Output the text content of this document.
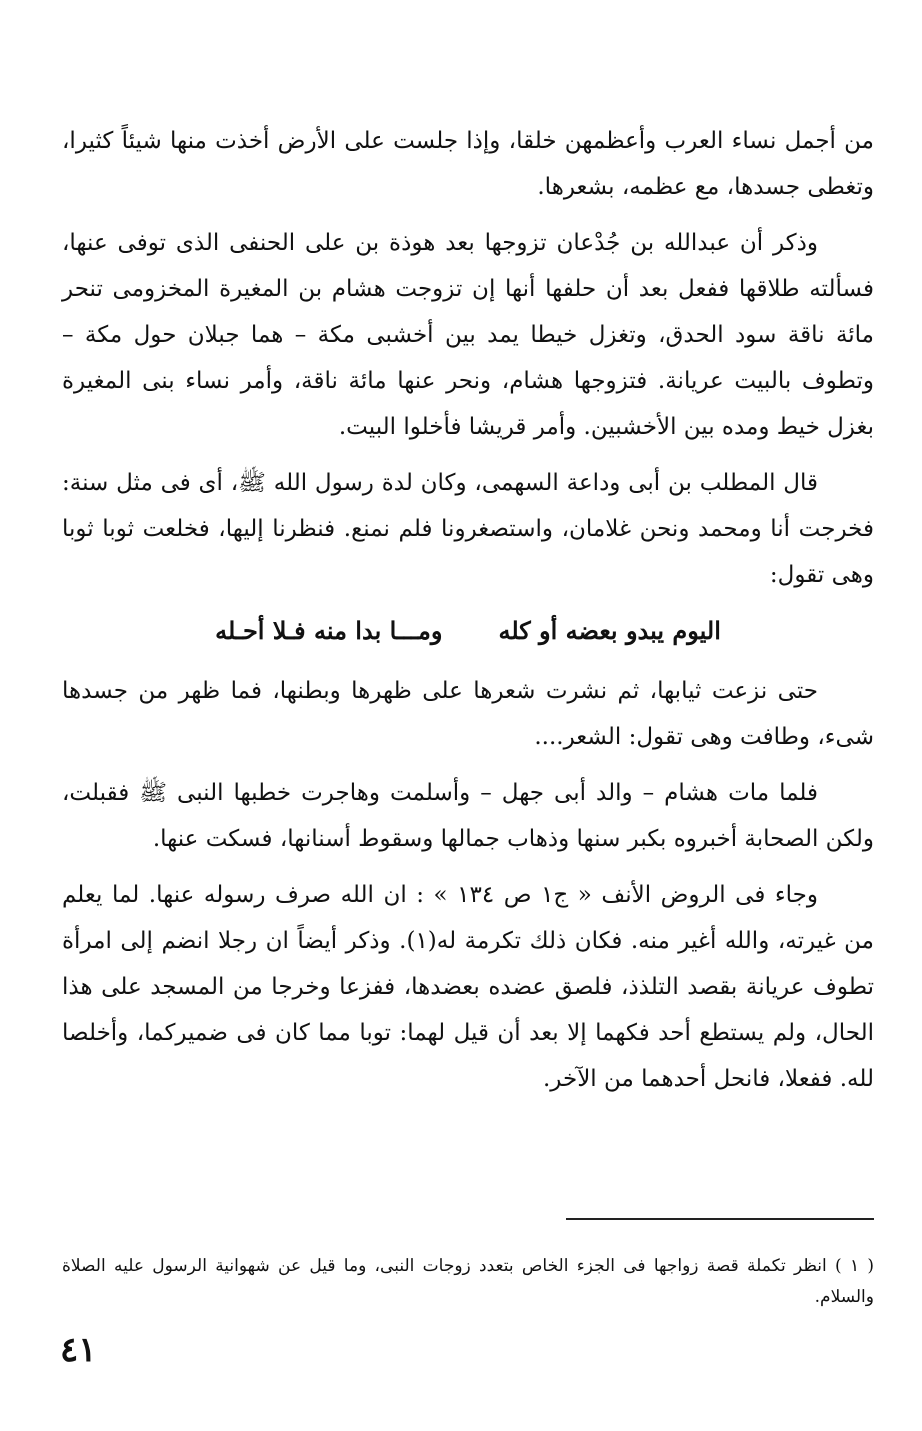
من أجمل نساء العرب وأعظمهن خلقا، وإذا جلست على الأرض أخذت منها شيئاً كثيرا، وتغطى جسدها، مع عظمه، بشعرها.

وذكر أن عبدالله بن جُدْعان تزوجها بعد هوذة بن على الحنفى الذى توفى عنها، فسألته طلاقها ففعل بعد أن حلفها أنها إن تزوجت هشام بن المغيرة المخزومى تنحر مائة ناقة سود الحدق، وتغزل خيطا يمد بين أخشبى مكة – هما جبلان حول مكة – وتطوف بالبيت عريانة. فتزوجها هشام، ونحر عنها مائة ناقة، وأمر نساء بنى المغيرة بغزل خيط ومده بين الأخشبين. وأمر قريشا فأخلوا البيت.

قال المطلب بن أبى وداعة السهمى، وكان لدة رسول الله ﷺ، أى فى مثل سنة: فخرجت أنا ومحمد ونحن غلامان، واستصغرونا فلم نمنع. فنظرنا إليها، فخلعت ثوبا ثوبا وهى تقول:

اليوم يبدو بعضه أو كله
ومـــا بدا منه فـلا أحـله

حتى نزعت ثيابها، ثم نشرت شعرها على ظهرها وبطنها، فما ظهر من جسدها شىء، وطافت وهى تقول: الشعر....

فلما مات هشام – والد أبى جهل – وأسلمت وهاجرت خطبها النبى ﷺ فقبلت، ولكن الصحابة أخبروه بكبر سنها وذهاب جمالها وسقوط أسنانها، فسكت عنها.

وجاء فى الروض الأنف « ج١ ص ١٣٤ » : ان الله صرف رسوله عنها. لما يعلم من غيرته، والله أغير منه. فكان ذلك تكرمة له(١). وذكر أيضاً ان رجلا انضم إلى امرأة تطوف عريانة بقصد التلذذ، فلصق عضده بعضدها، ففزعا وخرجا من المسجد على هذا الحال، ولم يستطع أحد فكهما إلا بعد أن قيل لهما: توبا مما كان فى ضميركما، وأخلصا لله. ففعلا، فانحل أحدهما من الآخر.

( ١ ) انظر تكملة قصة زواجها فى الجزء الخاص بتعدد زوجات النبى، وما قيل عن شهوانية الرسول عليه الصلاة والسلام.

٤١
